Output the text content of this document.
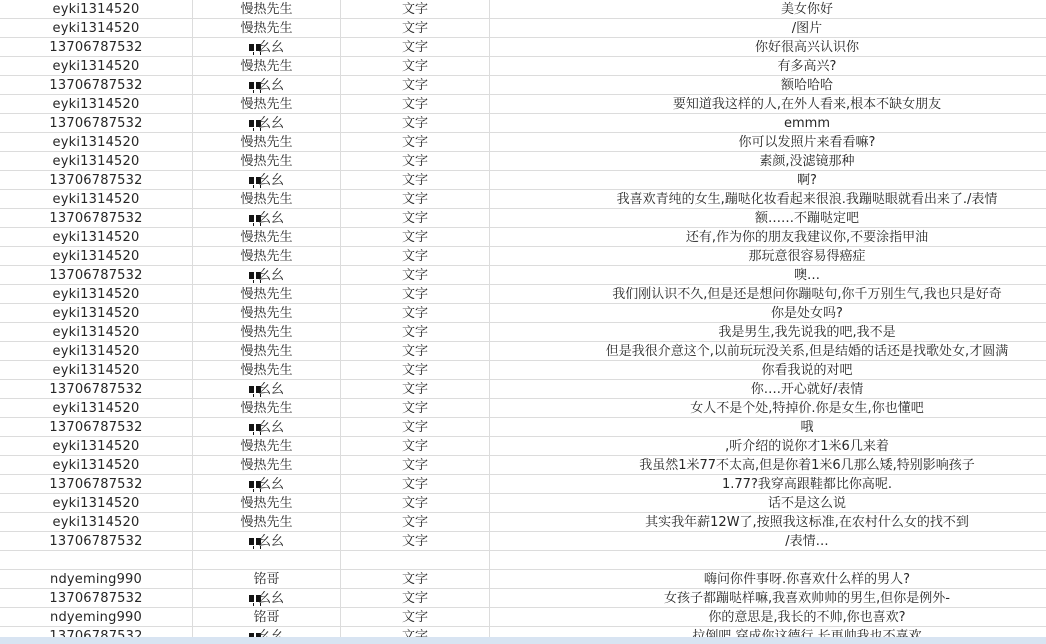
eyki1314520	慢热先生	文字	美女你好
eyki1314520	慢热先生	文字	/图片
13706787532	幺幺	文字	你好很高兴认识你
eyki1314520	慢热先生	文字	有多高兴?
13706787532	幺幺	文字	额哈哈哈
eyki1314520	慢热先生	文字	要知道我这样的人,在外人看来,根本不缺女朋友
13706787532	幺幺	文字	emmm
eyki1314520	慢热先生	文字	你可以发照片来看看嘛?
eyki1314520	慢热先生	文字	素颜,没滤镜那种
13706787532	幺幺	文字	啊?
eyki1314520	慢热先生	文字	我喜欢青纯的女生,蹦哒化妆看起来很浪.我蹦哒眼就看出来了./表情
13706787532	幺幺	文字	额……不蹦哒定吧
eyki1314520	慢热先生	文字	还有,作为你的朋友我建议你,不要涂指甲油
eyki1314520	慢热先生	文字	那玩意很容易得癌症
13706787532	幺幺	文字	噢…
eyki1314520	慢热先生	文字	我们刚认识不久,但是还是想问你蹦哒句,你千万别生气,我也只是好奇
eyki1314520	慢热先生	文字	你是处女吗?
eyki1314520	慢热先生	文字	我是男生,我先说我的吧,我不是
eyki1314520	慢热先生	文字	但是我很介意这个,以前玩玩没关系,但是结婚的话还是找歌处女,才圆满
eyki1314520	慢热先生	文字	你看我说的对吧
13706787532	幺幺	文字	你….开心就好/表情
eyki1314520	慢热先生	文字	女人不是个处,特掉价.你是女生,你也懂吧
13706787532	幺幺	文字	哦
eyki1314520	慢热先生	文字	,听介绍的说你才1米6几来着
eyki1314520	慢热先生	文字	我虽然1米77不太高,但是你着1米6几那么矮,特别影响孩子
13706787532	幺幺	文字	1.77?我穿高跟鞋都比你高呢.
eyki1314520	慢热先生	文字	话不是这么说
eyki1314520	慢热先生	文字	其实我年薪12W了,按照我这标准,在农村什么女的找不到
13706787532	幺幺	文字	/表情…
ndyeming990	铭哥	文字	嗨问你件事呀.你喜欢什么样的男人?
13706787532	幺幺	文字	女孩子都蹦哒样嘛,我喜欢帅帅的男生,但你是例外-
ndyeming990	铭哥	文字	你的意思是,我长的不帅,你也喜欢?
